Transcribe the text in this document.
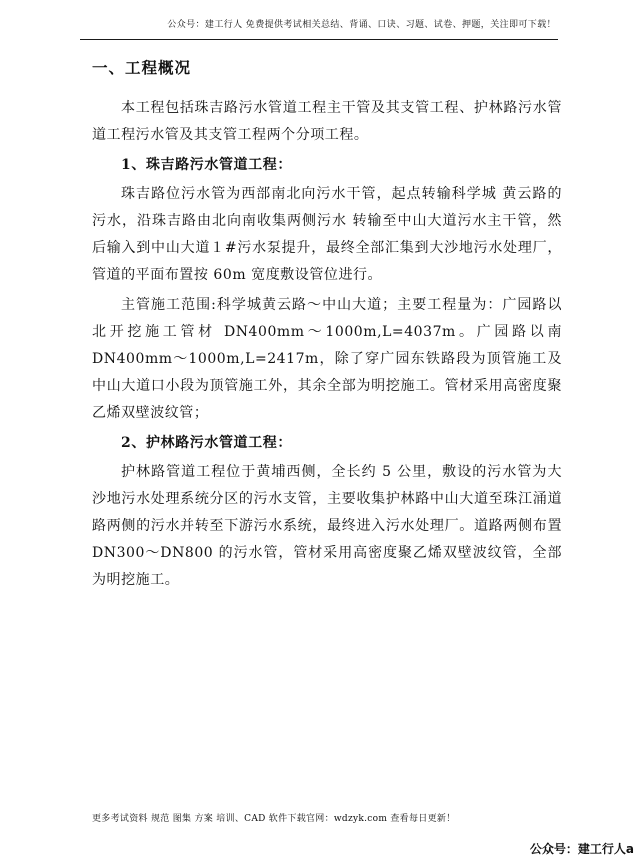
公众号：建工行人 免费提供考试相关总结、背诵、口诀、习题、试卷、押题，关注即可下载！
一、工程概况

本工程包括珠吉路污水管道工程主干管及其支管工程、护林路污水管道工程污水管及其支管工程两个分项工程。

1、珠吉路污水管道工程：

珠吉路位污水管为西部南北向污水干管，起点转输科学城 黄云路的污水，沿珠吉路由北向南收集两侧污水 转输至中山大道污水主干管，然后输入到中山大道１#污水泵提升，最终全部汇集到大沙地污水处理厂，管道的平面布置按 60m 宽度敷设管位进行。

主管施工范围:科学城黄云路～中山大道；主要工程量为：广园路以北开挖施工管材 DN400mm～1000m,L=4037m。广园路以南 DN400mm～1000m,L=2417m，除了穿广园东铁路段为顶管施工及中山大道口小段为顶管施工外，其余全部为明挖施工。管材采用高密度聚乙烯双壁波纹管；

2、护林路污水管道工程：

护林路管道工程位于黄埔西侧，全长约 5 公里，敷设的污水管为大沙地污水处理系统分区的污水支管，主要收集护林路中山大道至珠江涌道路两侧的污水并转至下游污水系统，最终进入污水处理厂。道路两侧布置 DN300～DN800 的污水管，管材采用高密度聚乙烯双壁波纹管，全部为明挖施工。

更多考试资料 规范 图集 方案 培训、CAD 软件下载官网：wdzyk.com 查看每日更新！
公众号：建工行人a
